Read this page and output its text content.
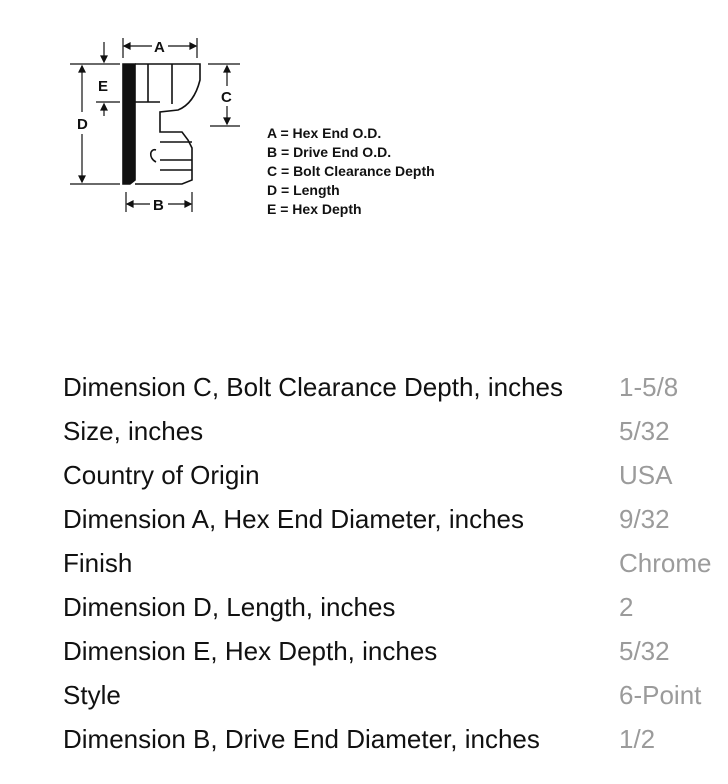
A
B
C
D
E
A = Hex End O.D.
B = Drive End O.D.
C = Bolt Clearance Depth
D = Length
E = Hex Depth
Dimension C, Bolt Clearance Depth, inches 1-5/8
Size, inches	5/32
Country of Origin	USA
Dimension A, Hex End Diameter, inches	9/32
Finish	Chrome
Dimension D, Length, inches	2
Dimension E, Hex Depth, inches	5/32
Style	6-Point
Dimension B, Drive End Diameter, inches	1/2
